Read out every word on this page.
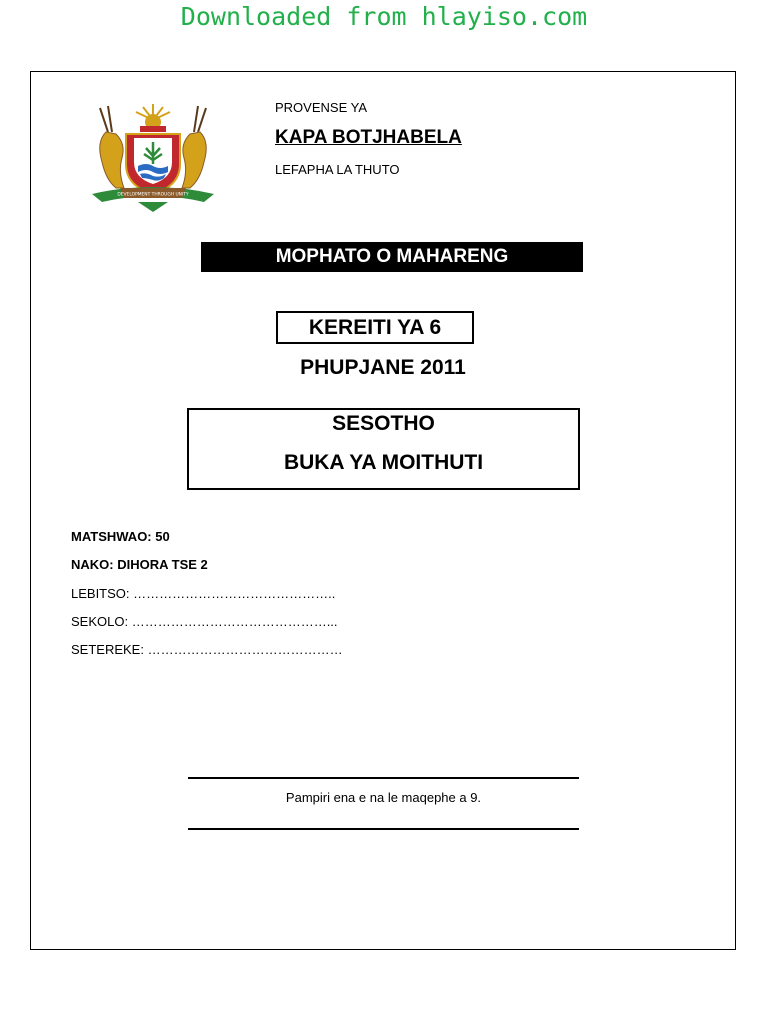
Downloaded from hlayiso.com
DEVELOPMENT THROUGH UNITY
PROVENSE YA
KAPA BOTJHABELA
LEFAPHA LA THUTO
MOPHATO O MAHARENG
KEREITI YA 6
PHUPJANE 2011
SESOTHO
BUKA YA MOITHUTI
MATSHWAO: 50
NAKO: DIHORA TSE 2
LEBITSO: ………………………………………..
SEKOLO: ………………………………………...
SETEREKE: ………………………………………
Pampiri ena e na le maqephe a 9.
